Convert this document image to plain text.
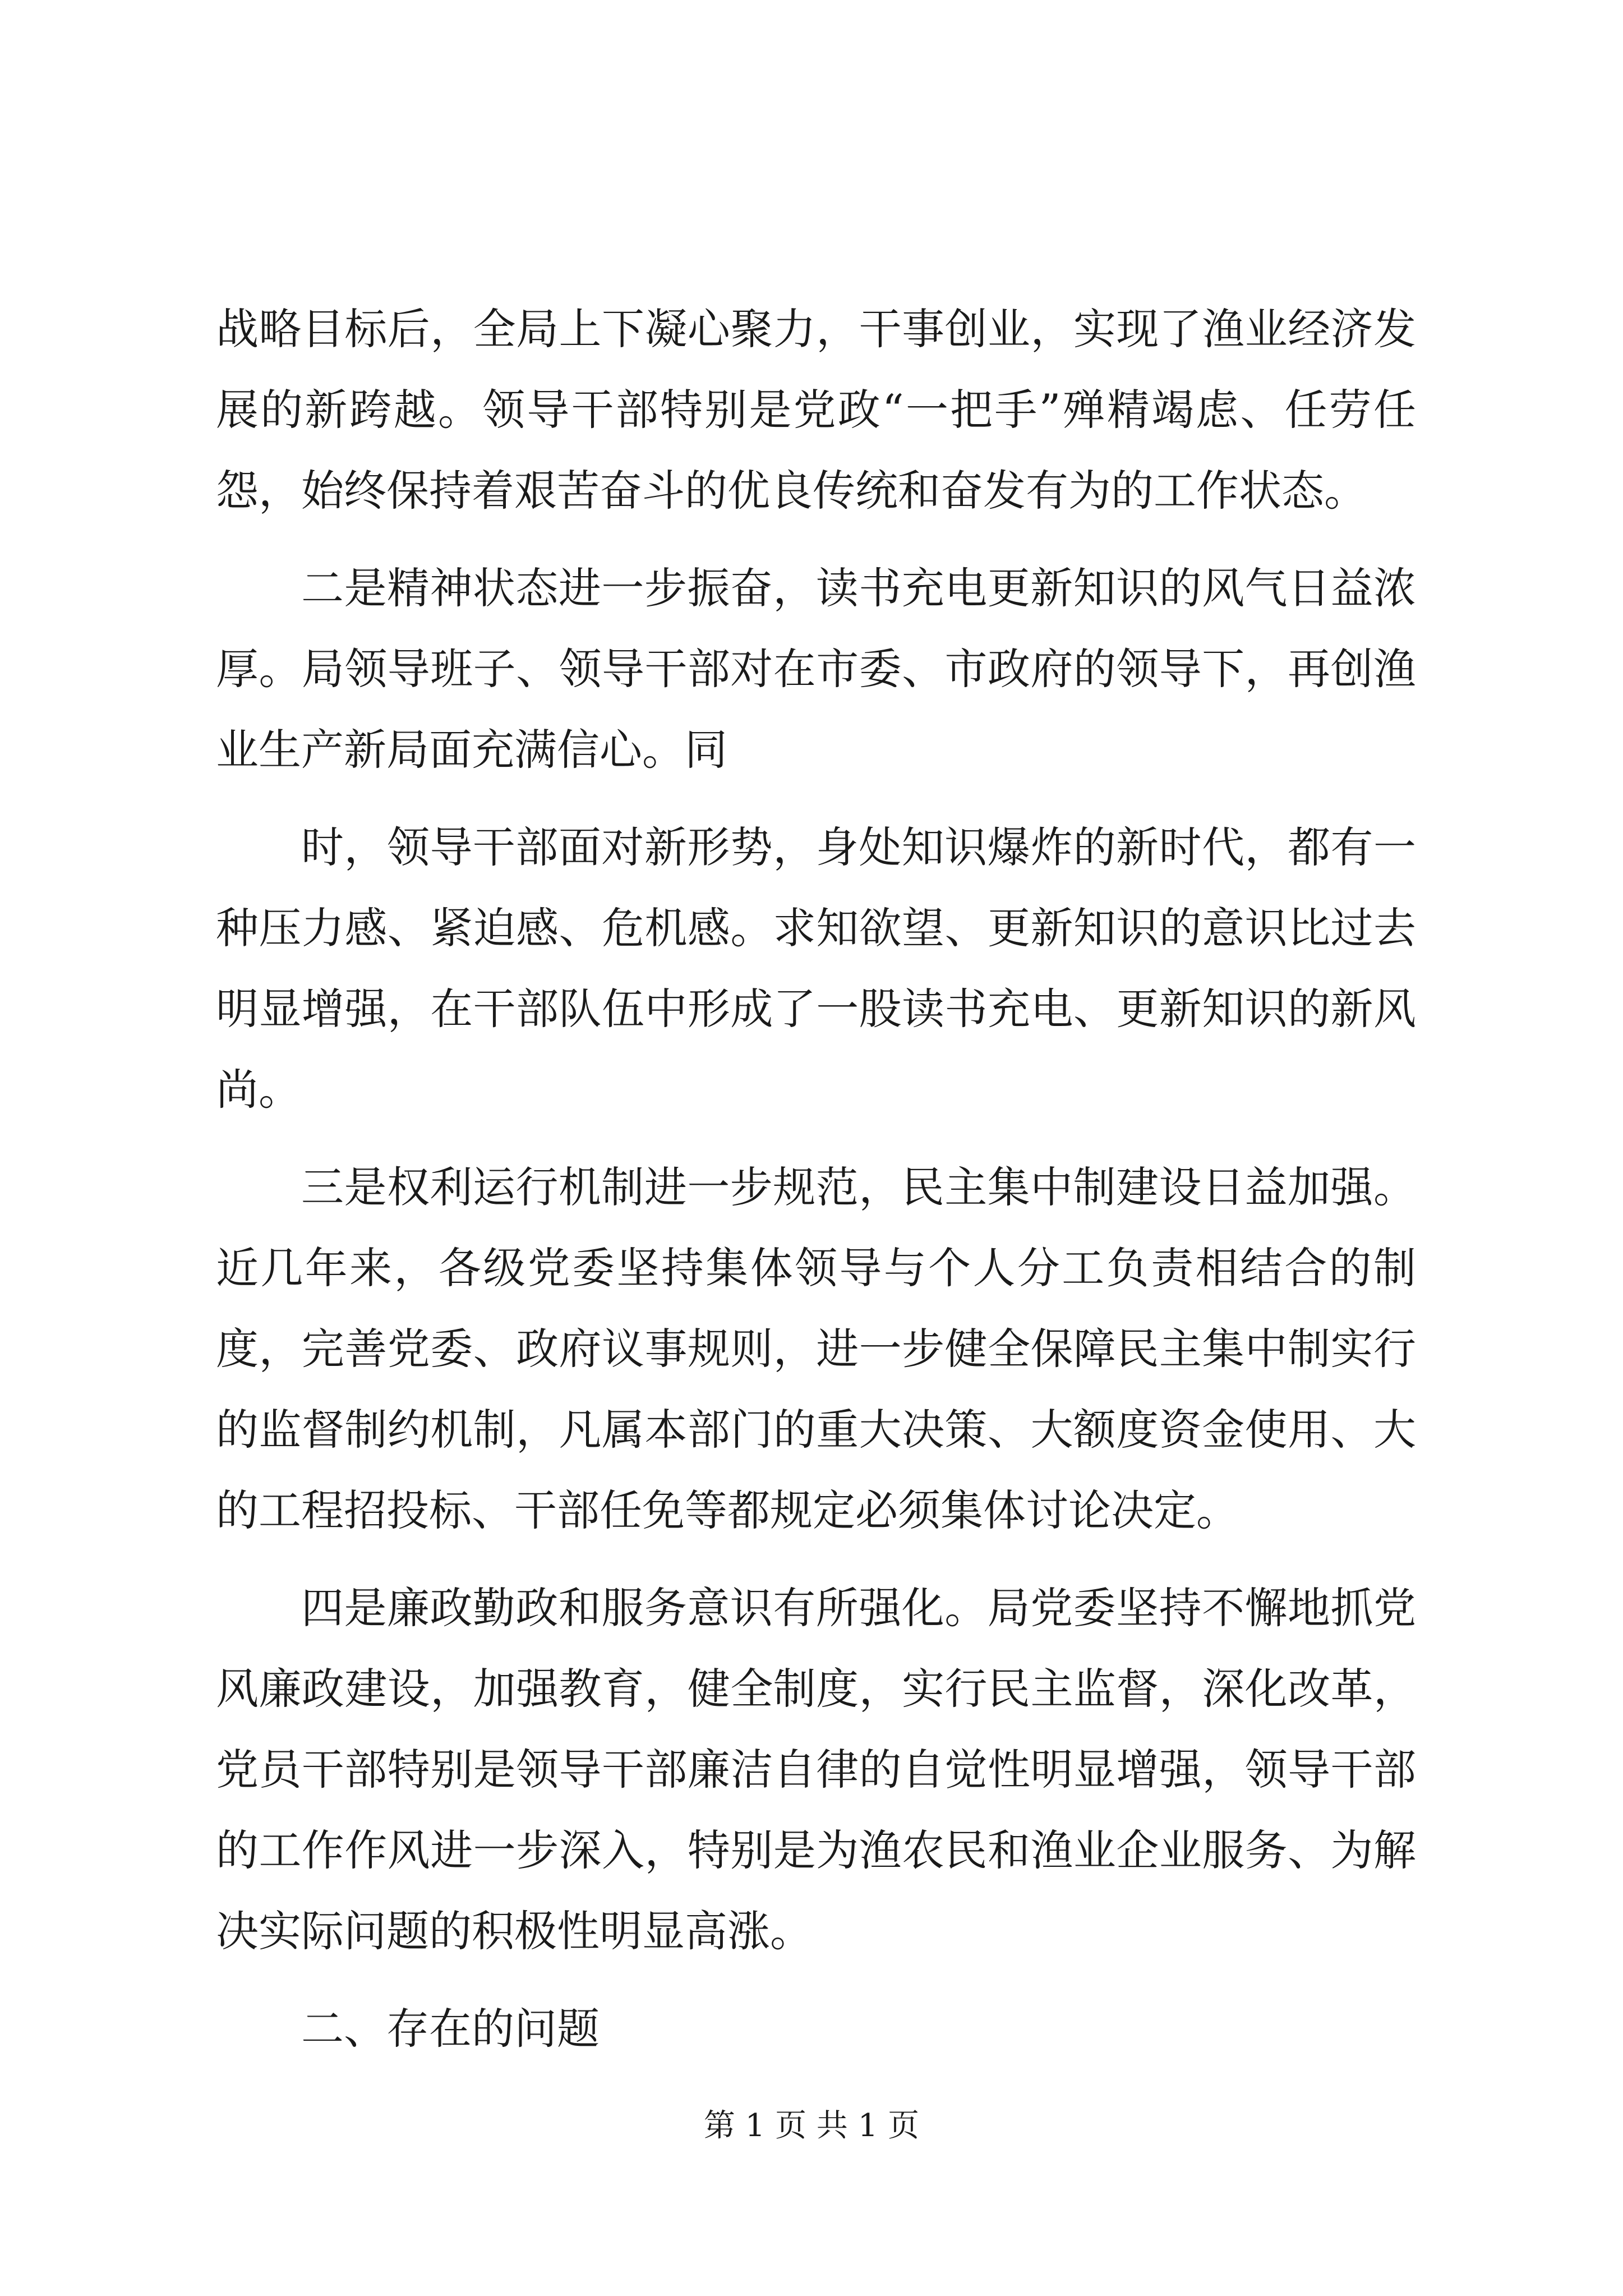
战略目标后，全局上下凝心聚力，干事创业，实现了渔业经济发展的新跨越。领导干部特别是党政“一把手”殚精竭虑、任劳任怨，始终保持着艰苦奋斗的优良传统和奋发有为的工作状态。

二是精神状态进一步振奋，读书充电更新知识的风气日益浓厚。局领导班子、领导干部对在市委、市政府的领导下，再创渔业生产新局面充满信心。同

时，领导干部面对新形势，身处知识爆炸的新时代，都有一种压力感、紧迫感、危机感。求知欲望、更新知识的意识比过去明显增强，在干部队伍中形成了一股读书充电、更新知识的新风尚。

三是权利运行机制进一步规范，民主集中制建设日益加强。近几年来，各级党委坚持集体领导与个人分工负责相结合的制度，完善党委、政府议事规则，进一步健全保障民主集中制实行的监督制约机制，凡属本部门的重大决策、大额度资金使用、大的工程招投标、干部任免等都规定必须集体讨论决定。

四是廉政勤政和服务意识有所强化。局党委坚持不懈地抓党风廉政建设，加强教育，健全制度，实行民主监督，深化改革，党员干部特别是领导干部廉洁自律的自觉性明显增强，领导干部的工作作风进一步深入，特别是为渔农民和渔业企业服务、为解决实际问题的积极性明显高涨。

二、存在的问题

第 1 页 共 1 页
